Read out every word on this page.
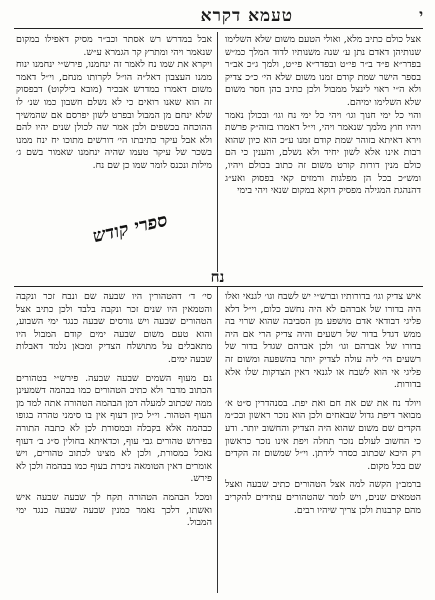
י
טעמא דקרא

אצל כולם כתיב מלא, ואולי הטעם משום שלא השלימו שנותיהן דאדם נתן ע׳ שנה משנותיו לדוד המלך כמ״ש בפדר״א פ״ד ב״ר פי״ט ובפדר״א פי״ט, ולמך ג״כ אב״ר בספר הישר שמת קודם זמנו משום שלא הי׳ כ״כ צדיק ולא ה״י ראוי לינצל ממבול ולכן כתיב בהן חסר משום שלא השלימו ימיהם.

והוי כל ימי חנוך וגו׳ ויהי כל ימי נח וגו׳ ובכולן נאמר ויהיו חוץ מלמך שנאמר ויהי, וי״ל דאמרו בזוה״ק פרשת וירא דאיתא בזוהר שמת קודם זמנו ע״כ הוא כיון שהוא רבות אינו אלא לשון יחיד ולא נשלם, והענין כי הם כולם מנין דורות קורט משום זה כתוב בכולם ויהיו, ומש״כ בכל הן מפלגות ורמזים קאי בפסוק ואע״ג דהנהגת המגילה מפסיק דוקא במקום שנאי ויהי בימי

אבל במדרש רש אסתר וכב״ר מסיק דאפילו במקום שנאמר ויהי ומתרץ קר הגמרא ע״ש.

ויקרא את שמו נח לאמר זה ינחמנו, פירש״י ינחמנו ינוח ממנו העצבון דאל״ה הו״ל לקרותו מנחם, וי״ל דאמר משום דאמרו במדרש אבכיר (מובא בילקוט) דבפסוק זה הוא שאנו רואים כי לא נשלם חשבון כמו שנ׳ לו שלא ינחם מן המבול ובפרט לשון יפרסם אם שהמשיך ההוכחה בכשפים ולכן אמר שה לכולן שנים יהיו להם ולא אבל עיקר כתיבתו הי׳ דורשים מתוכו יח ינח ממנו בשכר של עיקר טעמו שהיה ינחמנו שאמור בשם ג׳ מילות ונכנס לומר שמו כן שם נח.

ספרי קודש
נח

איש צדיק וגו׳ בדורותיו וברש״י יש לשבח וגו׳ לגנאי ואלו היה בדורו של אברהם לא היה נחשב כלום, וי״ל דלא פליגי דבודאי אדם מושפע מן הסביבה שהוא שרוי בה ממש דגדל בדור של רשעים והיה צדיק הרי אם היה בדורו של אברהם וגו׳ ולכן אברהם שגדל בדור של רשעים הי׳ ליה עולה לצדיק יותר בהשפעה ומשום זה פליגי אי הוא לשבח או לגנאי דאין הצדקות שלו אלא בדורות.

ויולד נח את שם את חם ואת יפת. בסנהדרין ס״ט א׳ מבואר דיפת גדול שבאחים ולכן הוא נזכר ראשון ובכ״מ הקדים שם משום שהוא היה הצדיק והחשוב יותר. ודע כי החשוב לעולם נזכר תחלה ויפת אינו נזכר כראשון רק היכא שכתוב כסדר לידתן. וי״ל שמשום זה הקדים שם בכל מקום.

ברמב״ן הקשה למה אצל הטהורים כתיב שבעה ואצל הטמאים שנים, ויש לומר שהטהורים עתידים להקריב מהם קרבנות ולכן צריך שיהיו רבים.

סי׳ ד׳ דהטהורין היו שבעה שם ונבח זכר ונקבה והטמאין היו שנים זכר ונקבה בלבד ולכן כתיב אצל הטהורים שבעה ויש גורסים שבעה כנגד ימי השבוע, והוא טעם משום שבעה ימים קודם המבול היו מתאבלים על מתושלח הצדיק ומכאן נלמד דאבלות שבעה ימים.

גם מעוף השמים שבעה שבעה. פירש״י בטהורים הכתוב מדבר ולא כתיב הטהורים כמו בבהמה דשמעינן ממה שכתוב למעלה דמן הבהמה הטהורה אתה למד מן העוף הטהור. וי״ל כיון דעוף אין בו סימני טהרה בגופו כבהמה אלא בקבלה ובמסורת לכן לא כתבה התורה בפירוש טהורים גבי עוף, וכדאיתא בחולין ס״ג ב׳ דעוף נאכל במסורת, ולכן לא מצינו לכתוב טהורים, ויש אומרים דאין הטומאה ניכרת בעוף כמו בבהמה ולכן לא פירש.

ומכל הבהמה הטהורה תקח לך שבעה שבעה איש ואשתו, דלכך נאמר כמנין שבעה שבעה כנגד ימי המבול.
